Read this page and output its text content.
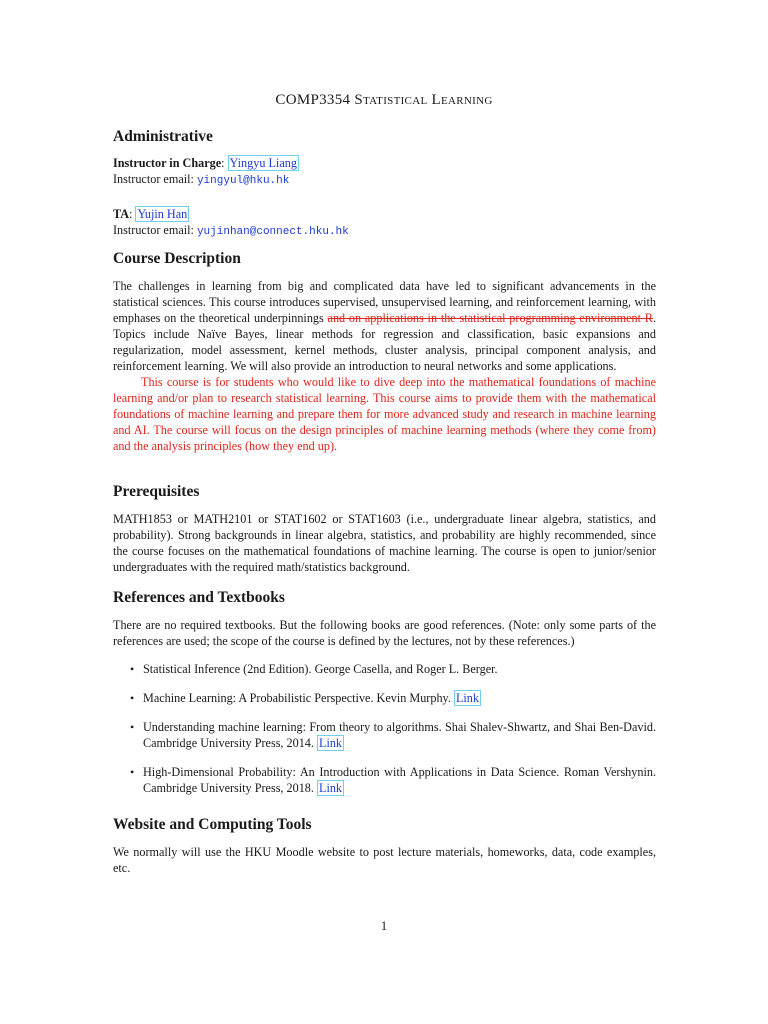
COMP3354 Statistical Learning
Administrative

Instructor in Charge: Yingyu Liang

Instructor email: yingyul@hku.hk

TA: Yujin Han

Instructor email: yujinhan@connect.hku.hk

Course Description

The challenges in learning from big and complicated data have led to significant advancements in the statistical sciences. This course introduces supervised, unsupervised learning, and reinforcement learning, with emphases on the theoretical underpinnings and on applications in the statistical programming environment R. Topics include Naïve Bayes, linear methods for regression and classification, basic expansions and regularization, model assessment, kernel methods, cluster analysis, principal component analysis, and reinforcement learning. We will also provide an introduction to neural networks and some applications.

This course is for students who would like to dive deep into the mathematical foundations of machine learning and/or plan to research statistical learning. This course aims to provide them with the mathematical foundations of machine learning and prepare them for more advanced study and research in machine learning and AI. The course will focus on the design principles of machine learning methods (where they come from) and the analysis principles (how they end up).

Prerequisites

MATH1853 or MATH2101 or STAT1602 or STAT1603 (i.e., undergraduate linear algebra, statistics, and probability). Strong backgrounds in linear algebra, statistics, and probability are highly recommended, since the course focuses on the mathematical foundations of machine learning. The course is open to junior/senior undergraduates with the required math/statistics background.

References and Textbooks

There are no required textbooks. But the following books are good references. (Note: only some parts of the references are used; the scope of the course is defined by the lectures, not by these references.)

• Statistical Inference (2nd Edition). George Casella, and Roger L. Berger.
• Machine Learning: A Probabilistic Perspective. Kevin Murphy. Link
• Understanding machine learning: From theory to algorithms. Shai Shalev-Shwartz, and Shai Ben-David. Cambridge University Press, 2014. Link
• High-Dimensional Probability: An Introduction with Applications in Data Science. Roman Vershynin. Cambridge University Press, 2018. Link
Website and Computing Tools

We normally will use the HKU Moodle website to post lecture materials, homeworks, data, code examples, etc.

1
